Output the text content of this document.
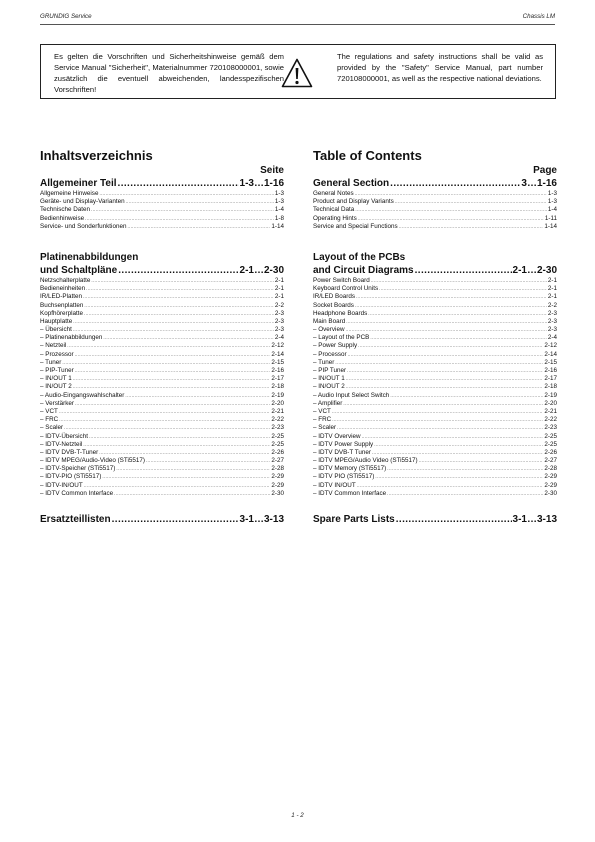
GRUNDIG Service	Chassis LM
Es gelten die Vorschriften und Sicherheitshinweise gemäß dem Service Manual "Sicherheit", Materialnummer 720108000001, sowie zusätzlich die eventuell abweichenden, landesspezifischen Vorschriften!
The regulations and safety instructions shall be valid as provided by the "Safety" Service Manual, part number 720108000001, as well as the respective national deviations.
Inhaltsverzeichnis
Seite
Allgemeiner Teil .....	1-3…1-16
Allgemeine Hinweise .....	1-3
Geräte- und Display-Varianten .....	1-3
Technische Daten .....	1-4
Bedienhinweise .....	1-8
Service- und Sonderfunktionen .....	1-14
Platinenabbildungen
und Schaltpläne .....	2-1…2-30
Netzschalterplatte .....	2-1
Bedieneinheiten .....	2-1
IR/LED-Platten .....	2-1
Buchsenplatten .....	2-2
Kopfhörerplatte .....	2-3
Hauptplatte .....	2-3
– Übersicht .....	2-3
– Platinenabbildungen .....	2-4
– Netzteil .....	2-12
– Prozessor .....	2-14
– Tuner .....	2-15
– PIP-Tuner .....	2-16
– IN/OUT 1 .....	2-17
– IN/OUT 2 .....	2-18
– Audio-Eingangswahlschalter .....	2-19
– Verstärker .....	2-20
– VCT .....	2-21
– FRC .....	2-22
– Scaler .....	2-23
– IDTV-Übersicht .....	2-25
– IDTV-Netzteil .....	2-25
– IDTV DVB-T-Tuner .....	2-26
– IDTV MPEG/Audio-Video (STi5517) .....	2-27
– IDTV-Speicher (STi5517) .....	2-28
– IDTV-PIO (STi5517) .....	2-29
– IDTV-IN/OUT .....	2-29
– IDTV Common Interface .....	2-30
Ersatzteillisten .....	3-1…3-13
Table of Contents
Page
General Section .....	3…1-16
General Notes .....	1-3
Product and Display Variants .....	1-3
Technical Data .....	1-4
Operating Hints .....	1-11
Service and Special Functions .....	1-14
Layout of the PCBs
and Circuit Diagrams .....	2-1…2-30
Power Switch Board .....	2-1
Keyboard Control Units .....	2-1
IR/LED Boards .....	2-1
Socket Boards .....	2-2
Headphone Boards .....	2-3
Main Board .....	2-3
– Overview .....	2-3
– Layout of the PCB .....	2-4
– Power Supply .....	2-12
– Processor .....	2-14
– Tuner .....	2-15
– PIP Tuner .....	2-16
– IN/OUT 1 .....	2-17
– IN/OUT 2 .....	2-18
– Audio Input Select Switch .....	2-19
– Amplifier .....	2-20
– VCT .....	2-21
– FRC .....	2-22
– Scaler .....	2-23
– IDTV Overview .....	2-25
– IDTV Power Supply .....	2-25
– IDTV DVB-T Tuner .....	2-26
– IDTV MPEG/Audio Video (STi5517) .....	2-27
– IDTV Memory (STi5517) .....	2-28
– IDTV PIO (STi5517) .....	2-29
– IDTV IN/OUT .....	2-29
– IDTV Common Interface .....	2-30
Spare Parts Lists .....	3-1…3-13
1 - 2
